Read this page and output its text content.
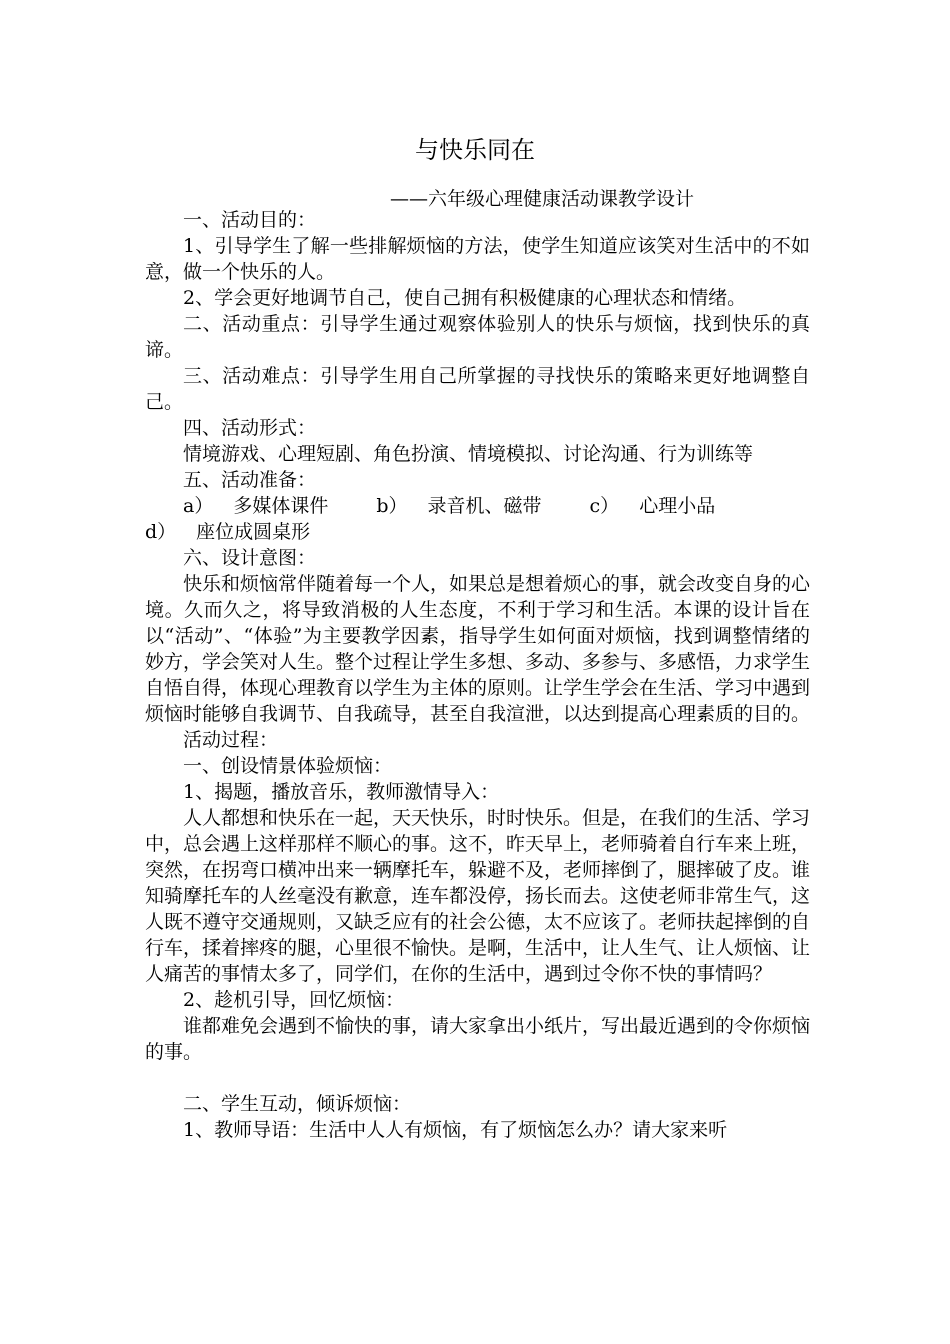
与快乐同在
——六年级心理健康活动课教学设计

一、活动目的：

1、引导学生了解一些排解烦恼的方法，使学生知道应该笑对生活中的不如意，做一个快乐的人。

2、学会更好地调节自己，使自己拥有积极健康的心理状态和情绪。

二、活动重点：引导学生通过观察体验别人的快乐与烦恼，找到快乐的真谛。

三、活动难点：引导学生用自己所掌握的寻找快乐的策略来更好地调整自己。

四、活动形式：

情境游戏、心理短剧、角色扮演、情境模拟、讨论沟通、行为训练等

五、活动准备：

a） 多媒体课件	b） 录音机、磁带	c） 心理小品

d） 座位成圆桌形

六、设计意图：

快乐和烦恼常伴随着每一个人，如果总是想着烦心的事，就会改变自身的心境。久而久之，将导致消极的人生态度，不利于学习和生活。本课的设计旨在以“活动”、“体验”为主要教学因素，指导学生如何面对烦恼，找到调整情绪的妙方，学会笑对人生。整个过程让学生多想、多动、多参与、多感悟，力求学生自悟自得，体现心理教育以学生为主体的原则。让学生学会在生活、学习中遇到烦恼时能够自我调节、自我疏导，甚至自我渲泄，以达到提高心理素质的目的。

活动过程：

一、创设情景体验烦恼：

1、揭题，播放音乐，教师激情导入：

人人都想和快乐在一起，天天快乐，时时快乐。但是，在我们的生活、学习中，总会遇上这样那样不顺心的事。这不，昨天早上，老师骑着自行车来上班，突然，在拐弯口横冲出来一辆摩托车，躲避不及，老师摔倒了，腿摔破了皮。谁知骑摩托车的人丝毫没有歉意，连车都没停，扬长而去。这使老师非常生气，这人既不遵守交通规则，又缺乏应有的社会公德，太不应该了。老师扶起摔倒的自行车，揉着摔疼的腿，心里很不愉快。是啊，生活中，让人生气、让人烦恼、让人痛苦的事情太多了，同学们，在你的生活中，遇到过令你不快的事情吗？

2、趁机引导，回忆烦恼：

谁都难免会遇到不愉快的事，请大家拿出小纸片，写出最近遇到的令你烦恼的事。

二、学生互动，倾诉烦恼：

1、教师导语：生活中人人有烦恼，有了烦恼怎么办？请大家来听
